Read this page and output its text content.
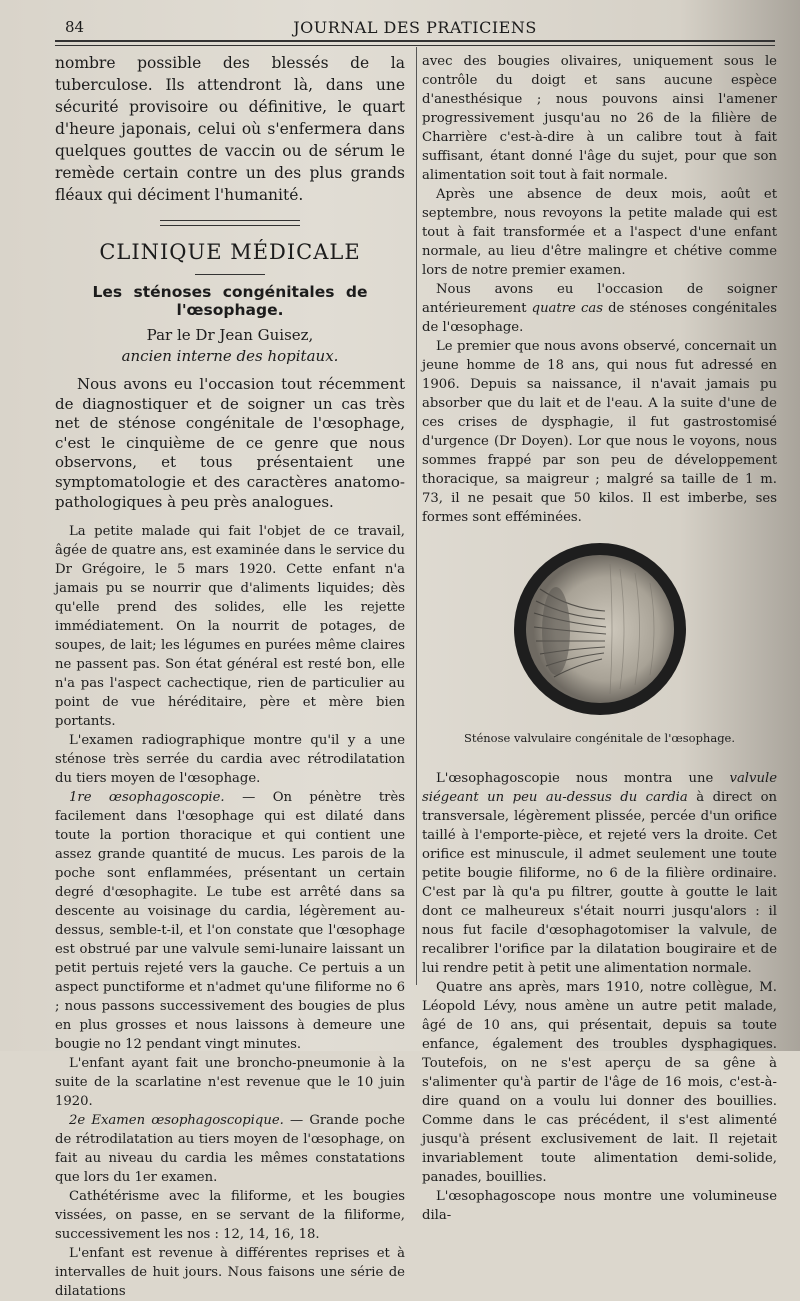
84	JOURNAL DES PRATICIENS

nombre possible des blessés de la tuberculose. Ils attendront là, dans une sécurité provisoire ou définitive, le quart d'heure japonais, celui où s'enfermera dans quelques gouttes de vaccin ou de sérum le remède certain contre un des plus grands fléaux qui déciment l'humanité.

CLINIQUE MÉDICALE
Les sténoses congénitales de l'œsophage.
Par le Dr Jean Guisez,
ancien interne des hopitaux.

Nous avons eu l'occasion tout récemment de diagnostiquer et de soigner un cas très net de sténose congénitale de l'œsophage, c'est le cinquième de ce genre que nous observons, et tous présentaient une symptomatologie et des caractères anatomo-pathologiques à peu près analogues.

La petite malade qui fait l'objet de ce travail, âgée de quatre ans, est examinée dans le service du Dr Grégoire, le 5 mars 1920. Cette enfant n'a jamais pu se nourrir que d'aliments liquides; dès qu'elle prend des solides, elle les rejette immédiatement. On la nourrit de potages, de soupes, de lait; les légumes en purées même claires ne passent pas. Son état général est resté bon, elle n'a pas l'aspect cachectique, rien de particulier au point de vue héréditaire, père et mère bien portants.

L'examen radiographique montre qu'il y a une sténose très serrée du cardia avec rétrodilatation du tiers moyen de l'œsophage.

1re œsophagoscopie. — On pénètre très facilement dans l'œsophage qui est dilaté dans toute la portion thoracique et qui contient une assez grande quantité de mucus. Les parois de la poche sont enflammées, présentant un certain degré d'œsophagite. Le tube est arrêté dans sa descente au voisinage du cardia, légèrement au-dessus, semble-t-il, et l'on constate que l'œsophage est obstrué par une valvule semi-lunaire laissant un petit pertuis rejeté vers la gauche. Ce pertuis a un aspect punctiforme et n'admet qu'une filiforme no 6 ; nous passons successivement des bougies de plus en plus grosses et nous laissons à demeure une bougie no 12 pendant vingt minutes.

L'enfant ayant fait une broncho-pneumonie à la suite de la scarlatine n'est revenue que le 10 juin 1920.

2e Examen œsophagoscopique. — Grande poche de rétrodilatation au tiers moyen de l'œsophage, on fait au niveau du cardia les mêmes constatations que lors du 1er examen.

Cathétérisme avec la filiforme, et les bougies vissées, on passe, en se servant de la filiforme, successivement les nos : 12, 14, 16, 18.

L'enfant est revenue à différentes reprises et à intervalles de huit jours. Nous faisons une série de dilatations

avec des bougies olivaires, uniquement sous le contrôle du doigt et sans aucune espèce d'anesthésique ; nous pouvons ainsi l'amener progressivement jusqu'au no 26 de la filière de Charrière c'est-à-dire à un calibre tout à fait suffisant, étant donné l'âge du sujet, pour que son alimentation soit tout à fait normale.

Après une absence de deux mois, août et septembre, nous revoyons la petite malade qui est tout à fait transformée et a l'aspect d'une enfant normale, au lieu d'être malingre et chétive comme lors de notre premier examen.

Nous avons eu l'occasion de soigner antérieurement quatre cas de sténoses congénitales de l'œsophage.

Le premier que nous avons observé, concernait un jeune homme de 18 ans, qui nous fut adressé en 1906. Depuis sa naissance, il n'avait jamais pu absorber que du lait et de l'eau. A la suite d'une de ces crises de dysphagie, il fut gastrostomisé d'urgence (Dr Doyen). Lor que nous le voyons, nous sommes frappé par son peu de développement thoracique, sa maigreur ; malgré sa taille de 1 m. 73, il ne pesait que 50 kilos. Il est imberbe, ses formes sont efféminées.

Sténose valvulaire congénitale de l'œsophage.

L'œsophagoscopie nous montra une valvule siégeant un peu au-dessus du cardia à direct on transversale, légèrement plissée, percée d'un orifice taillé à l'emporte-pièce, et rejeté vers la droite. Cet orifice est minuscule, il admet seulement une toute petite bougie filiforme, no 6 de la filière ordinaire. C'est par là qu'a pu filtrer, goutte à goutte le lait dont ce malheureux s'était nourri jusqu'alors : il nous fut facile d'œsophagotomiser la valvule, de recalibrer l'orifice par la dilatation bougiraire et de lui rendre petit à petit une alimentation normale.

Quatre ans après, mars 1910, notre collègue, M. Léopold Lévy, nous amène un autre petit malade, âgé de 10 ans, qui présentait, depuis sa toute enfance, également des troubles dysphagiques. Toutefois, on ne s'est aperçu de sa gêne à s'alimenter qu'à partir de l'âge de 16 mois, c'est-à-dire quand on a voulu lui donner des bouillies. Comme dans le cas précédent, il s'est alimenté jusqu'à présent exclusivement de lait. Il rejetait invariablement toute alimentation demi-solide, panades, bouillies.

L'œsophagoscope nous montre une volumineuse dila-
